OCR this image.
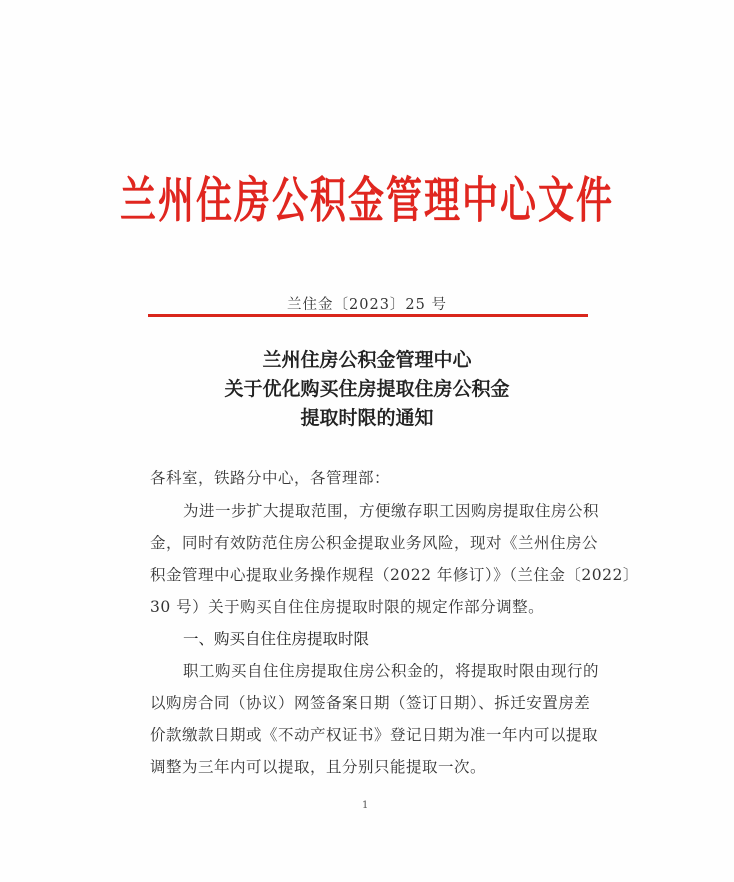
兰州住房公积金管理中心文件
兰住金〔2023〕25 号
兰州住房公积金管理中心
关于优化购买住房提取住房公积金
提取时限的通知
各科室，铁路分中心，各管理部：
为进一步扩大提取范围，方便缴存职工因购房提取住房公积
金，同时有效防范住房公积金提取业务风险，现对《兰州住房公
积金管理中心提取业务操作规程（2022 年修订）》（兰住金〔2022〕
30 号）关于购买自住住房提取时限的规定作部分调整。
一、购买自住住房提取时限
职工购买自住住房提取住房公积金的，将提取时限由现行的
以购房合同（协议）网签备案日期（签订日期）、拆迁安置房差
价款缴款日期或《不动产权证书》登记日期为准一年内可以提取
调整为三年内可以提取，且分别只能提取一次。
1
